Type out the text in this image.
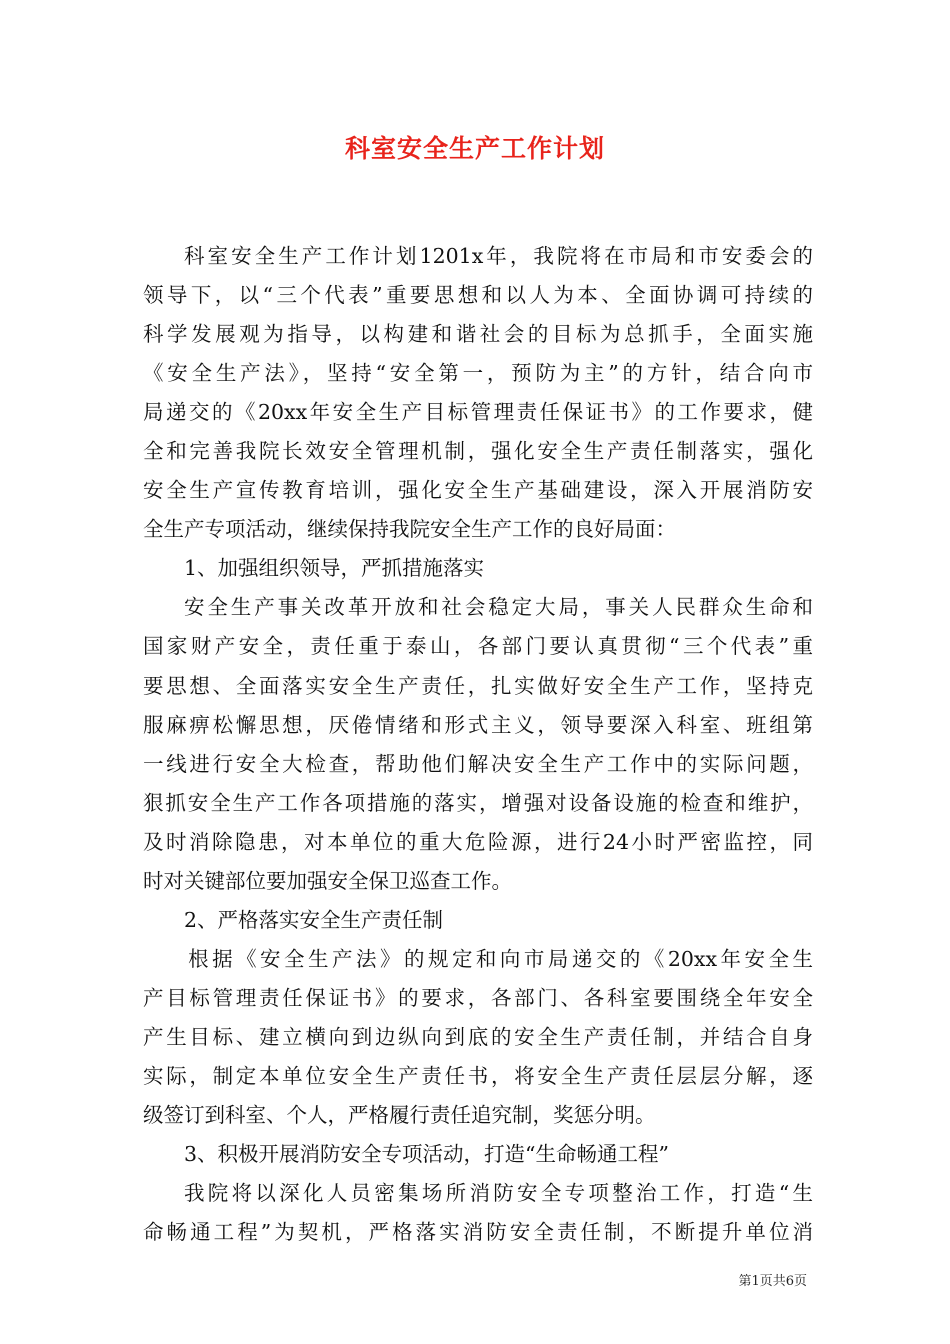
科室安全生产工作计划
科室安全生产工作计划1201x年，我院将在市局和市安委会的
领导下，以“三个代表”重要思想和以人为本、全面协调可持续的
科学发展观为指导，以构建和谐社会的目标为总抓手，全面实施
《安全生产法》，坚持“安全第一，预防为主”的方针，结合向市
局递交的《20xx年安全生产目标管理责任保证书》的工作要求，健
全和完善我院长效安全管理机制，强化安全生产责任制落实，强化
安全生产宣传教育培训，强化安全生产基础建设，深入开展消防安
全生产专项活动，继续保持我院安全生产工作的良好局面：
1、加强组织领导，严抓措施落实
安全生产事关改革开放和社会稳定大局，事关人民群众生命和
国家财产安全，责任重于泰山，各部门要认真贯彻“三个代表”重
要思想、全面落实安全生产责任，扎实做好安全生产工作，坚持克
服麻痹松懈思想，厌倦情绪和形式主义，领导要深入科室、班组第
一线进行安全大检查，帮助他们解决安全生产工作中的实际问题，
狠抓安全生产工作各项措施的落实，增强对设备设施的检查和维护，
及时消除隐患，对本单位的重大危险源，进行24小时严密监控，同
时对关键部位要加强安全保卫巡查工作。
2、严格落实安全生产责任制
根据《安全生产法》的规定和向市局递交的《20xx年安全生
产目标管理责任保证书》的要求，各部门、各科室要围绕全年安全
产生目标、建立横向到边纵向到底的安全生产责任制，并结合自身
实际，制定本单位安全生产责任书，将安全生产责任层层分解，逐
级签订到科室、个人，严格履行责任追究制，奖惩分明。
3、积极开展消防安全专项活动，打造“生命畅通工程”
我院将以深化人员密集场所消防安全专项整治工作，打造“生
命畅通工程”为契机，严格落实消防安全责任制，不断提升单位消
第1页共6页
